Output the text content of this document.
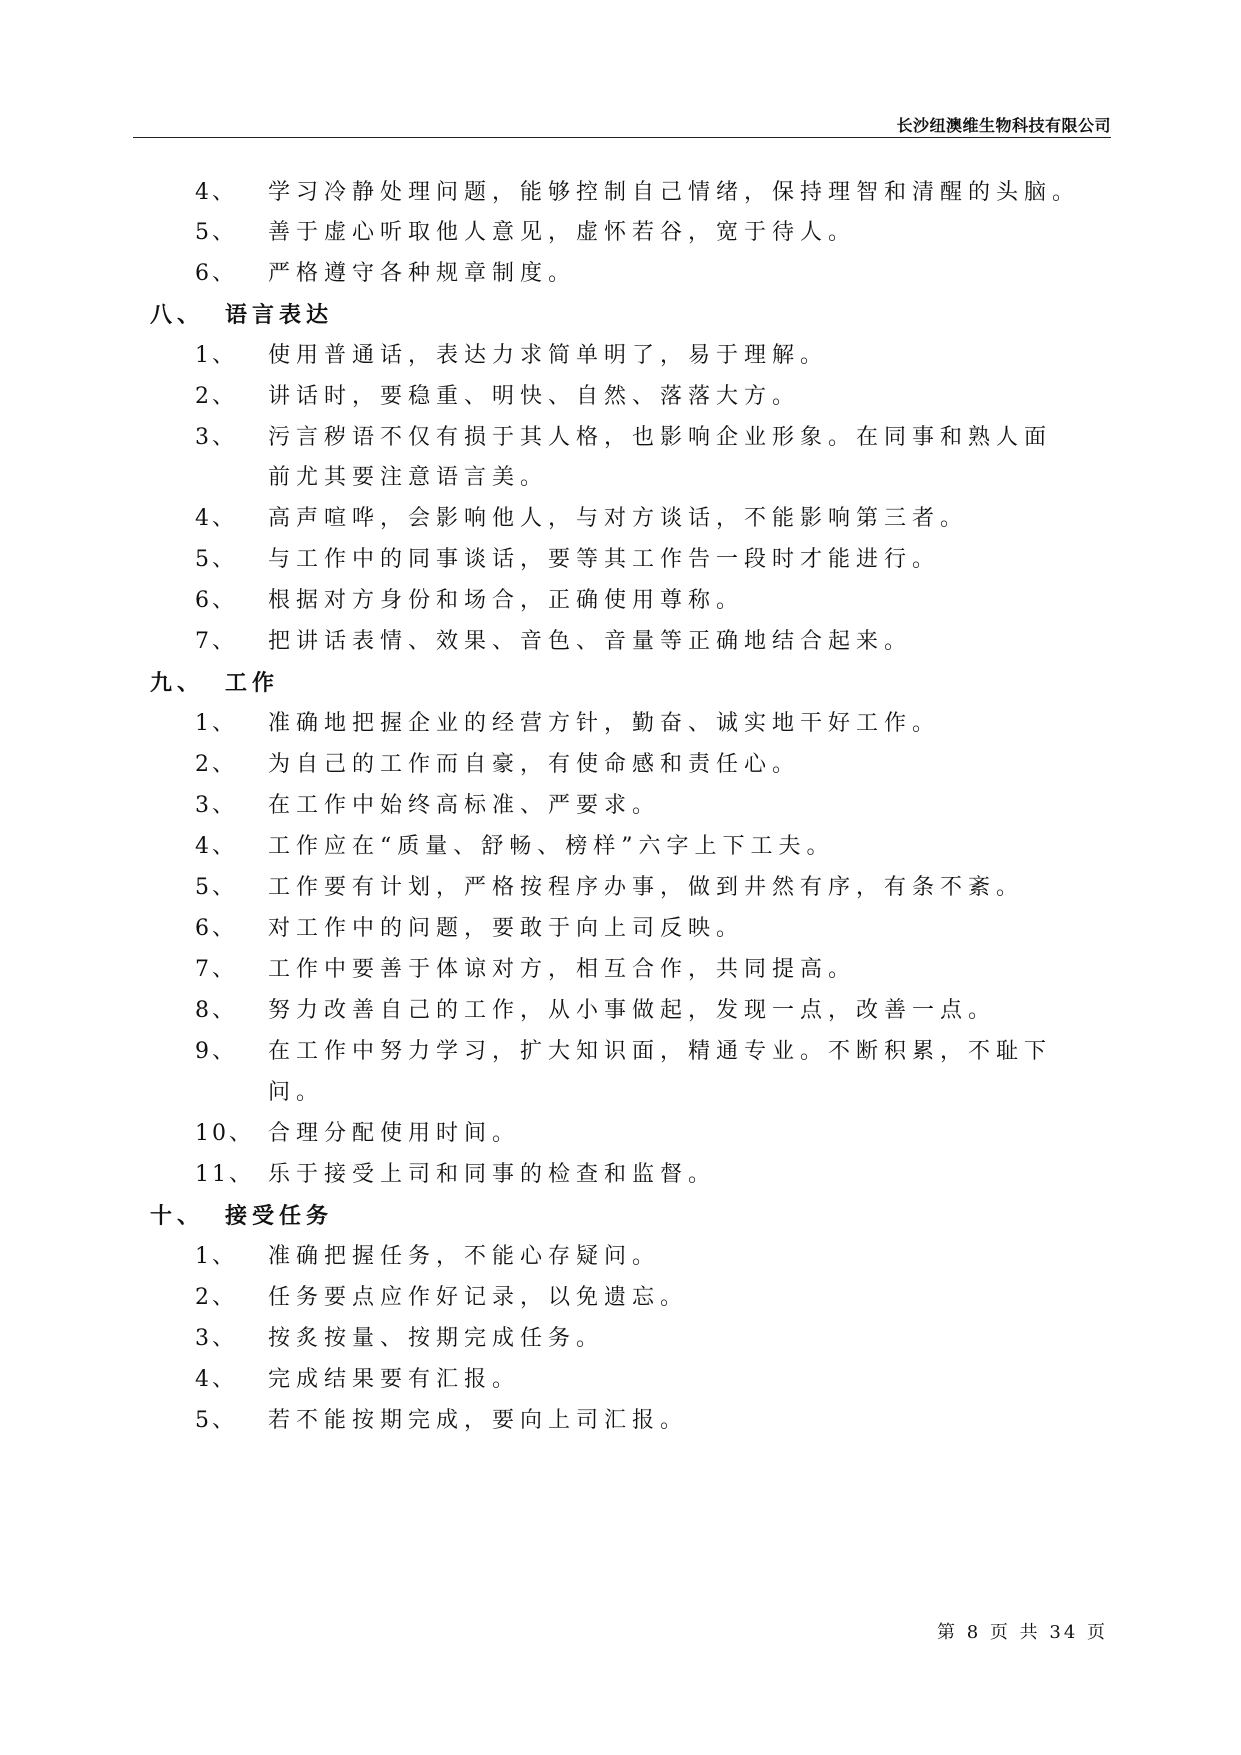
长沙纽澳维生物科技有限公司
4、 学习冷静处理问题，能够控制自己情绪，保持理智和清醒的头脑。
5、 善于虚心听取他人意见，虚怀若谷，宽于待人。
6、 严格遵守各种规章制度。
八、 语言表达
1、 使用普通话，表达力求简单明了，易于理解。
2、 讲话时，要稳重、明快、自然、落落大方。
3、 污言秽语不仅有损于其人格，也影响企业形象。在同事和熟人面
前尤其要注意语言美。
4、 高声喧哗，会影响他人，与对方谈话，不能影响第三者。
5、 与工作中的同事谈话，要等其工作告一段时才能进行。
6、 根据对方身份和场合，正确使用尊称。
7、 把讲话表情、效果、音色、音量等正确地结合起来。
九、 工作
1、 准确地把握企业的经营方针，勤奋、诚实地干好工作。
2、 为自己的工作而自豪，有使命感和责任心。
3、 在工作中始终高标准、严要求。
4、 工作应在“质量、舒畅、榜样”六字上下工夫。
5、 工作要有计划，严格按程序办事，做到井然有序，有条不紊。
6、 对工作中的问题，要敢于向上司反映。
7、 工作中要善于体谅对方，相互合作，共同提高。
8、 努力改善自己的工作，从小事做起，发现一点，改善一点。
9、 在工作中努力学习，扩大知识面，精通专业。不断积累，不耻下
问。
10、 合理分配使用时间。
11、 乐于接受上司和同事的检查和监督。
十、 接受任务
1、 准确把握任务，不能心存疑问。
2、 任务要点应作好记录，以免遗忘。
3、 按炙按量、按期完成任务。
4、 完成结果要有汇报。
5、 若不能按期完成，要向上司汇报。
第 8 页 共 34 页
